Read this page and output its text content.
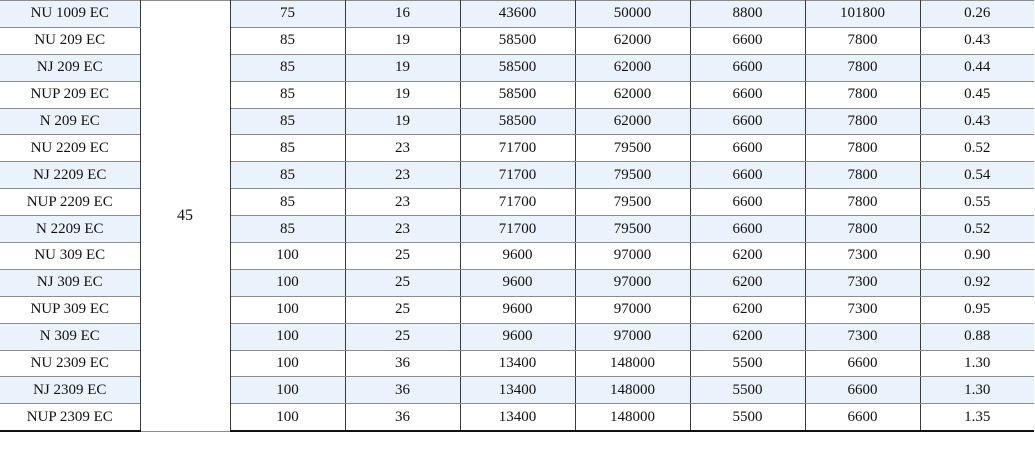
NU 1009 EC	45	75	16	43600	50000	8800	101800	0.26
NU 209 EC		85	19	58500	62000	6600	7800	0.43
NJ 209 EC		85	19	58500	62000	6600	7800	0.44
NUP 209 EC		85	19	58500	62000	6600	7800	0.45
N 209 EC		85	19	58500	62000	6600	7800	0.43
NU 2209 EC		85	23	71700	79500	6600	7800	0.52
NJ 2209 EC		85	23	71700	79500	6600	7800	0.54
NUP 2209 EC		85	23	71700	79500	6600	7800	0.55
N 2209 EC		85	23	71700	79500	6600	7800	0.52
NU 309 EC		100	25	9600	97000	6200	7300	0.90
NJ 309 EC		100	25	9600	97000	6200	7300	0.92
NUP 309 EC		100	25	9600	97000	6200	7300	0.95
N 309 EC		100	25	9600	97000	6200	7300	0.88
NU 2309 EC		100	36	13400	148000	5500	6600	1.30
NJ 2309 EC		100	36	13400	148000	5500	6600	1.30
NUP 2309 EC		100	36	13400	148000	5500	6600	1.35
